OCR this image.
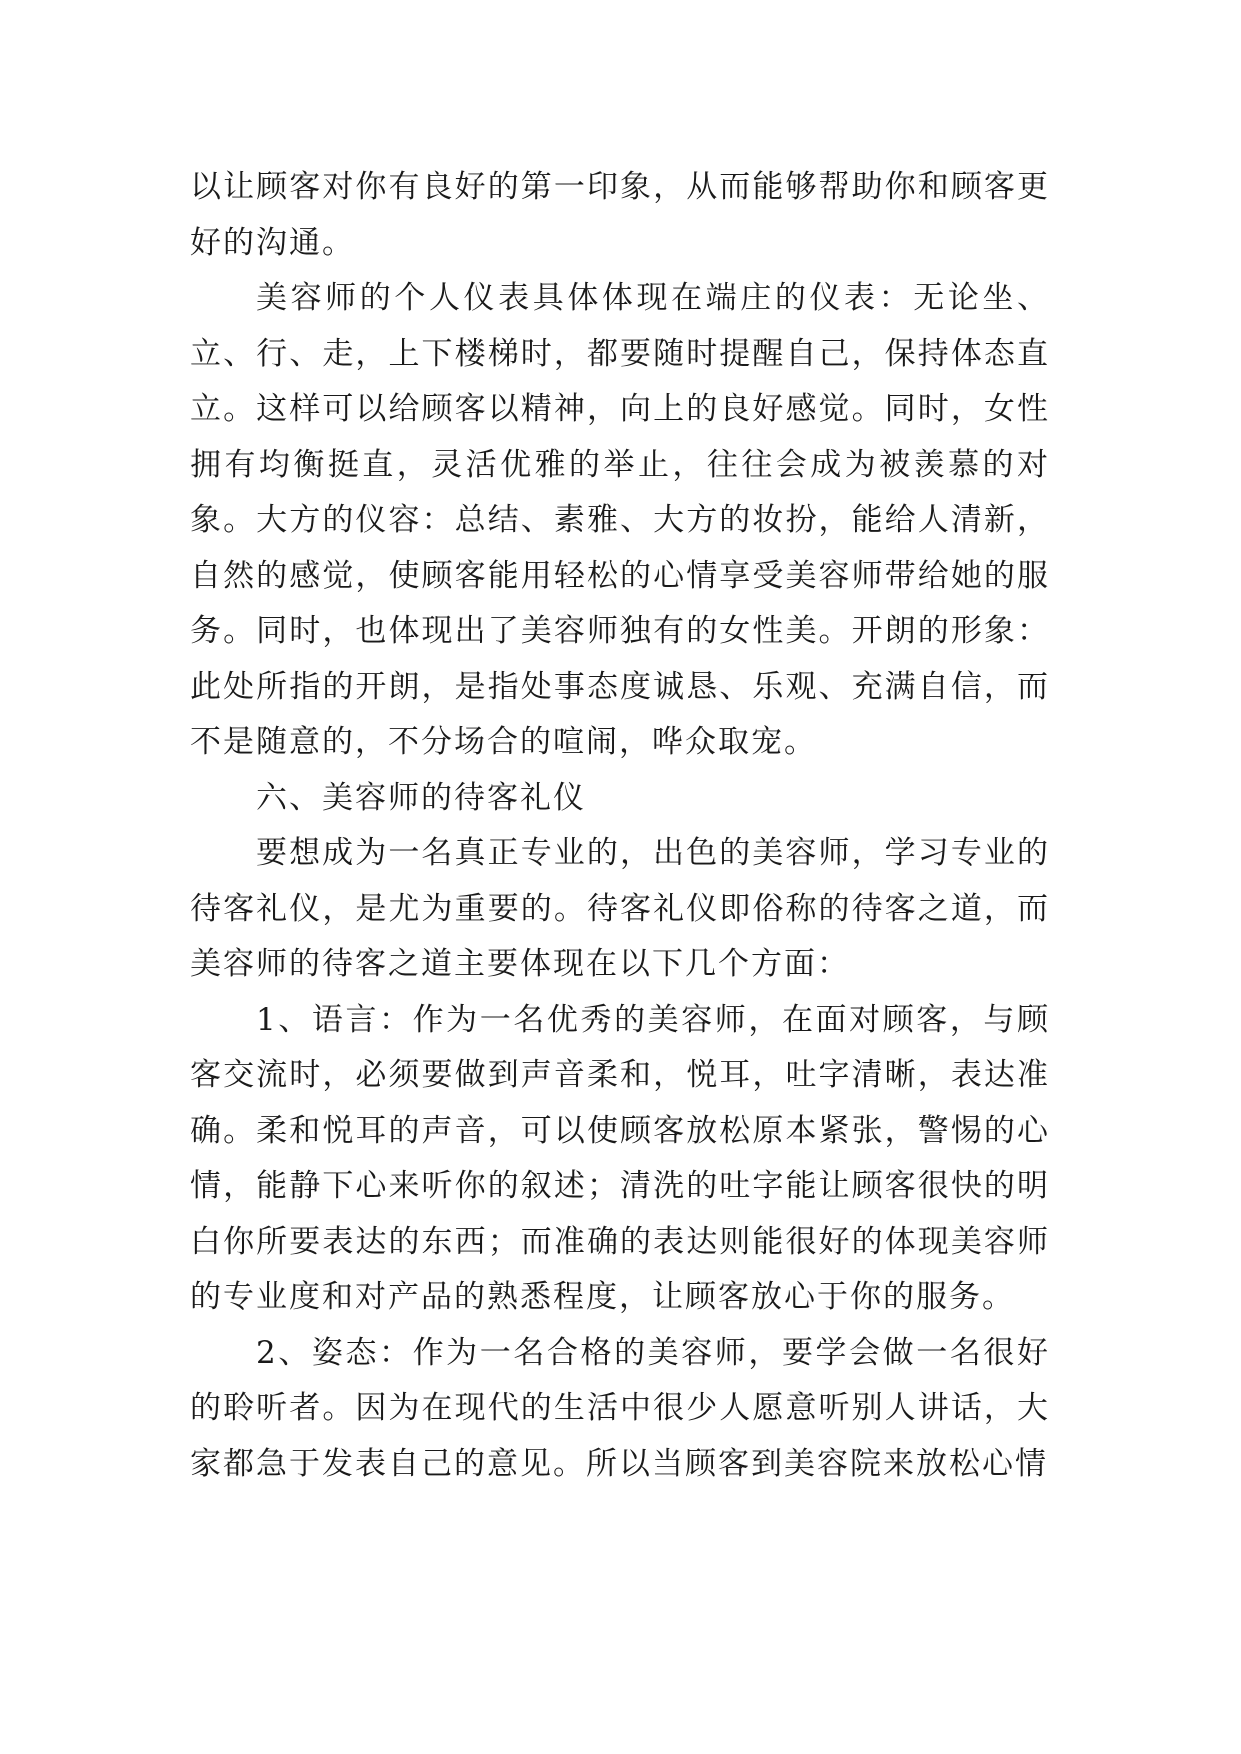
以让顾客对你有良好的第一印象，从而能够帮助你和顾客更好的沟通。

美容师的个人仪表具体体现在端庄的仪表：无论坐、立、行、走，上下楼梯时，都要随时提醒自己，保持体态直立。这样可以给顾客以精神，向上的良好感觉。同时，女性拥有均衡挺直，灵活优雅的举止，往往会成为被羡慕的对象。大方的仪容：总结、素雅、大方的妆扮，能给人清新，自然的感觉，使顾客能用轻松的心情享受美容师带给她的服务。同时，也体现出了美容师独有的女性美。开朗的形象：此处所指的开朗，是指处事态度诚恳、乐观、充满自信，而不是随意的，不分场合的喧闹，哗众取宠。

六、美容师的待客礼仪

要想成为一名真正专业的，出色的美容师，学习专业的待客礼仪，是尤为重要的。待客礼仪即俗称的待客之道，而美容师的待客之道主要体现在以下几个方面：

1、语言：作为一名优秀的美容师，在面对顾客，与顾客交流时，必须要做到声音柔和，悦耳，吐字清晰，表达准确。柔和悦耳的声音，可以使顾客放松原本紧张，警惕的心情，能静下心来听你的叙述；清洗的吐字能让顾客很快的明白你所要表达的东西；而准确的表达则能很好的体现美容师的专业度和对产品的熟悉程度，让顾客放心于你的服务。

2、姿态：作为一名合格的美容师，要学会做一名很好的聆听者。因为在现代的生活中很少人愿意听别人讲话，大家都急于发表自己的意见。所以当顾客到美容院来放松心情
